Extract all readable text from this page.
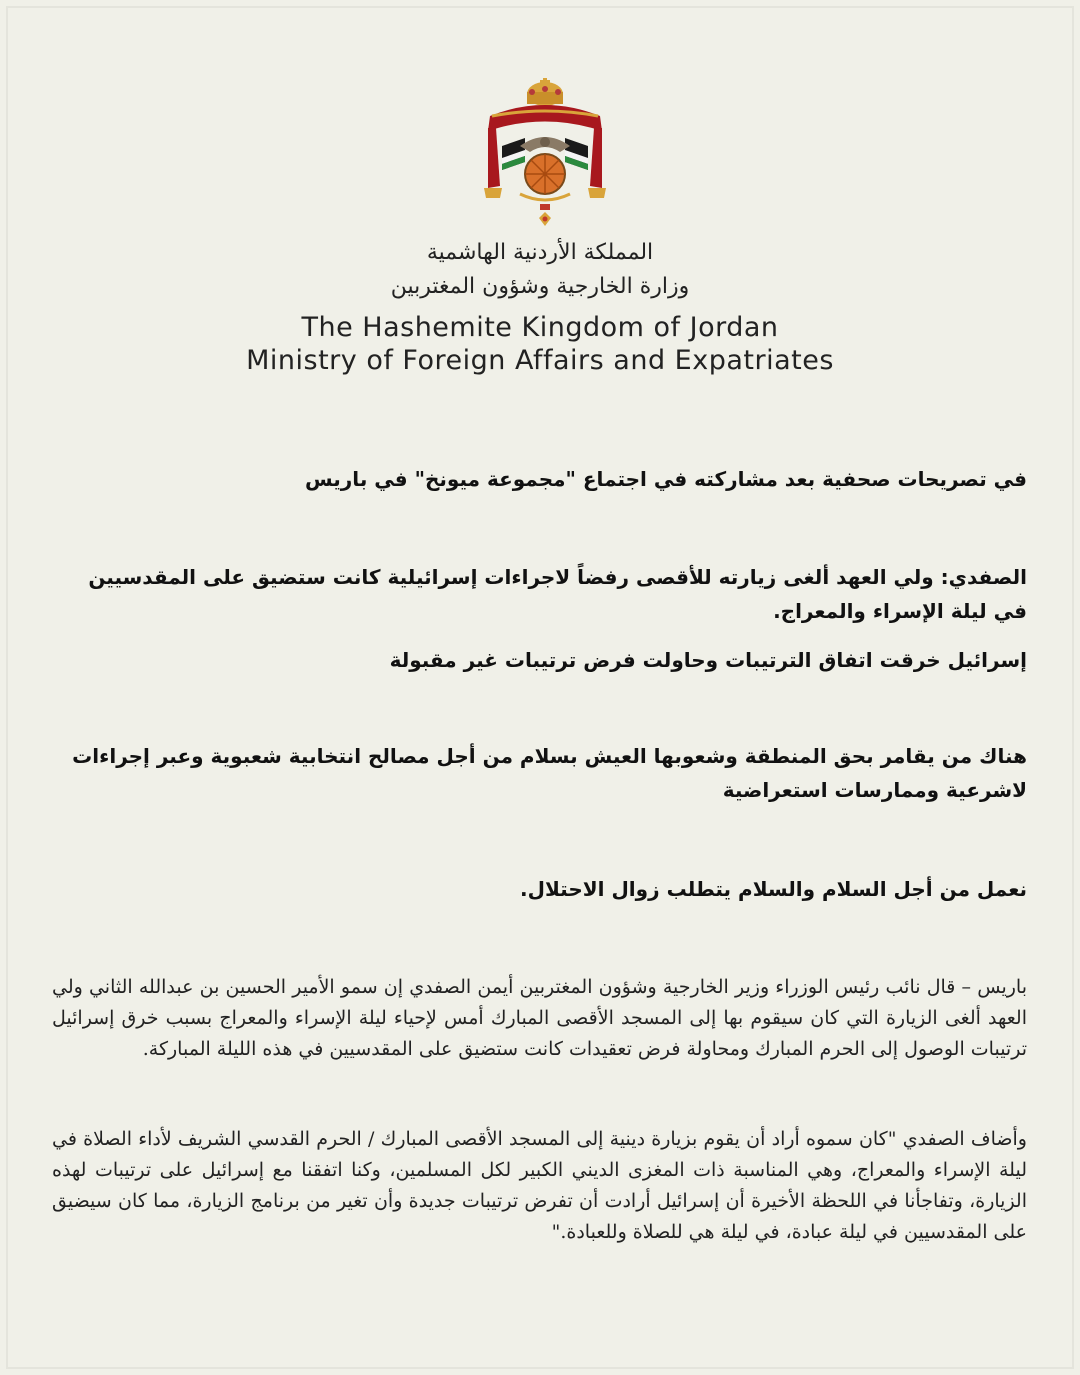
المملكة الأردنية الهاشمية
وزارة الخارجية وشؤون المغتربين
The Hashemite Kingdom of Jordan
Ministry of Foreign Affairs and Expatriates
في تصريحات صحفية بعد مشاركته في اجتماع "مجموعة ميونخ" في باريس
الصفدي: ولي العهد ألغى زيارته للأقصى رفضاً لاجراءات إسرائيلية كانت ستضيق على المقدسيين في ليلة الإسراء والمعراج.
إسرائيل خرقت اتفاق الترتيبات وحاولت فرض ترتيبات غير مقبولة
هناك من يقامر بحق المنطقة وشعوبها العيش بسلام من أجل مصالح انتخابية شعبوية وعبر إجراءات لاشرعية وممارسات استعراضية
نعمل من أجل السلام والسلام يتطلب زوال الاحتلال.
باريس – قال نائب رئيس الوزراء وزير الخارجية وشؤون المغتربين أيمن الصفدي إن سمو الأمير الحسين بن عبدالله الثاني ولي العهد ألغى الزيارة التي كان سيقوم بها إلى المسجد الأقصى المبارك أمس لإحياء ليلة الإسراء والمعراج بسبب خرق إسرائيل ترتيبات الوصول إلى الحرم المبارك ومحاولة فرض تعقيدات كانت ستضيق على المقدسيين في هذه الليلة المباركة.
وأضاف الصفدي "كان سموه أراد أن يقوم بزيارة دينية إلى المسجد الأقصى المبارك / الحرم القدسي الشريف لأداء الصلاة في ليلة الإسراء والمعراج، وهي المناسبة ذات المغزى الديني الكبير لكل المسلمين، وكنا اتفقنا مع إسرائيل على ترتيبات لهذه الزيارة، وتفاجأنا في اللحظة الأخيرة أن إسرائيل أرادت أن تفرض ترتيبات جديدة وأن تغير من برنامج الزيارة، مما كان سيضيق على المقدسيين في ليلة عبادة، في ليلة هي للصلاة وللعبادة."
